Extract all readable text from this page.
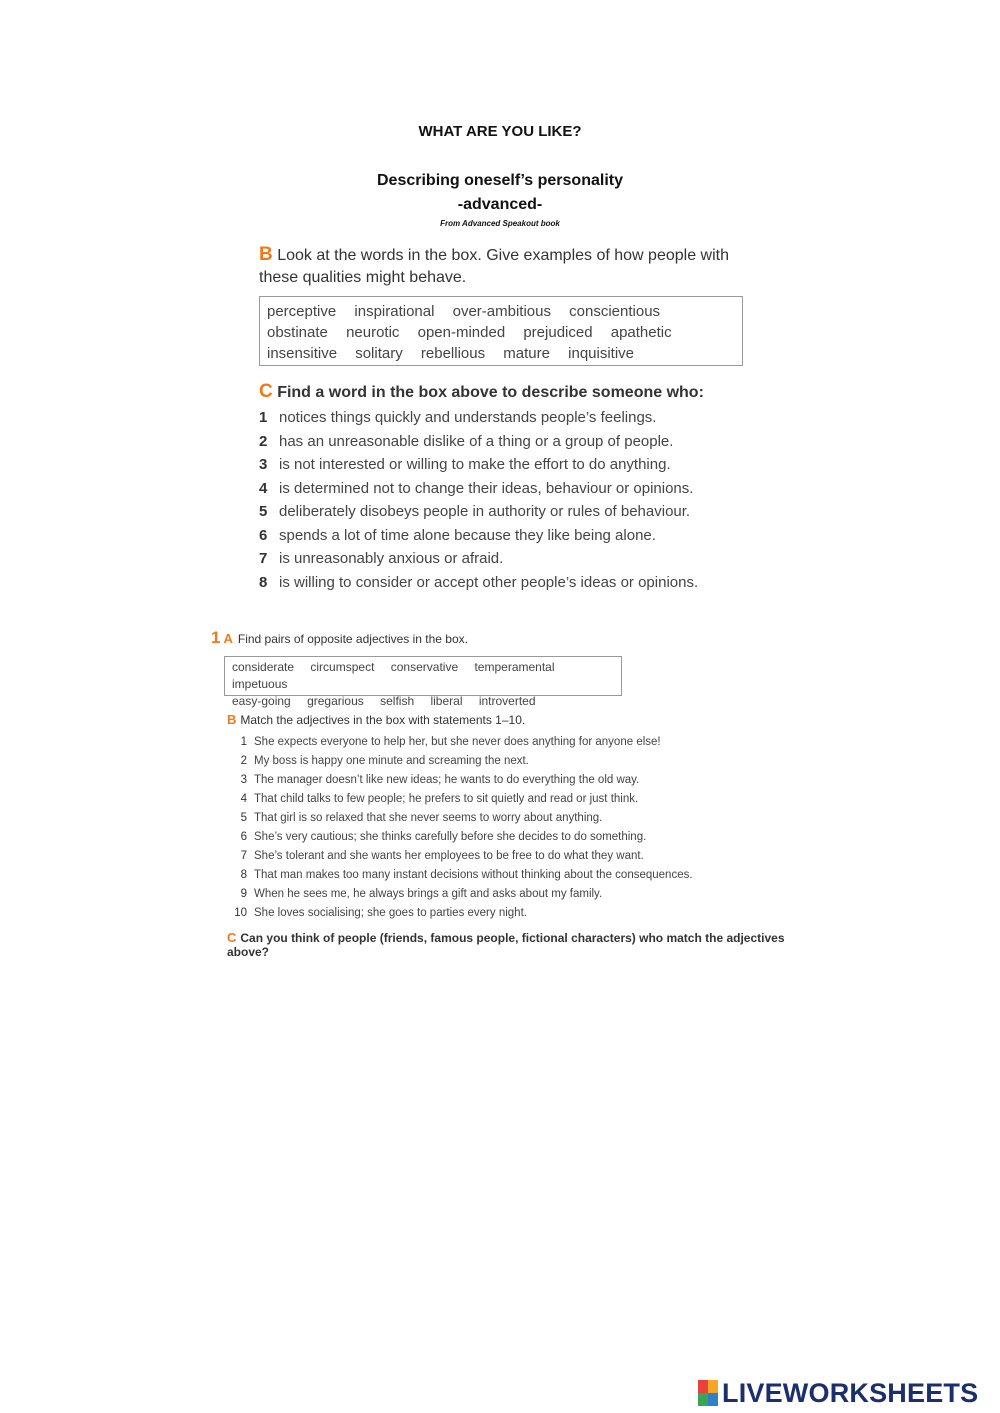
WHAT ARE YOU LIKE?
Describing oneself’s personality
-advanced-
From Advanced Speakout book
B Look at the words in the box. Give examples of how people with these qualities might behave.
perceptive inspirational over-ambitious conscientious
obstinate neurotic open-minded prejudiced apathetic
insensitive solitary rebellious mature inquisitive
C Find a word in the box above to describe someone who:
1 notices things quickly and understands people’s feelings.
2 has an unreasonable dislike of a thing or a group of people.
3 is not interested or willing to make the effort to do anything.
4 is determined not to change their ideas, behaviour or opinions.
5 deliberately disobeys people in authority or rules of behaviour.
6 spends a lot of time alone because they like being alone.
7 is unreasonably anxious or afraid.
8 is willing to consider or accept other people’s ideas or opinions.
1 A Find pairs of opposite adjectives in the box.
considerate circumspect conservative temperamental impetuous
easy-going gregarious selfish liberal introverted
B Match the adjectives in the box with statements 1–10.
1 She expects everyone to help her, but she never does anything for anyone else!
2 My boss is happy one minute and screaming the next.
3 The manager doesn’t like new ideas; he wants to do everything the old way.
4 That child talks to few people; he prefers to sit quietly and read or just think.
5 That girl is so relaxed that she never seems to worry about anything.
6 She’s very cautious; she thinks carefully before she decides to do something.
7 She’s tolerant and she wants her employees to be free to do what they want.
8 That man makes too many instant decisions without thinking about the consequences.
9 When he sees me, he always brings a gift and asks about my family.
10 She loves socialising; she goes to parties every night.
C Can you think of people (friends, famous people, fictional characters) who match the adjectives above?
LIVEWORKSHEETS
